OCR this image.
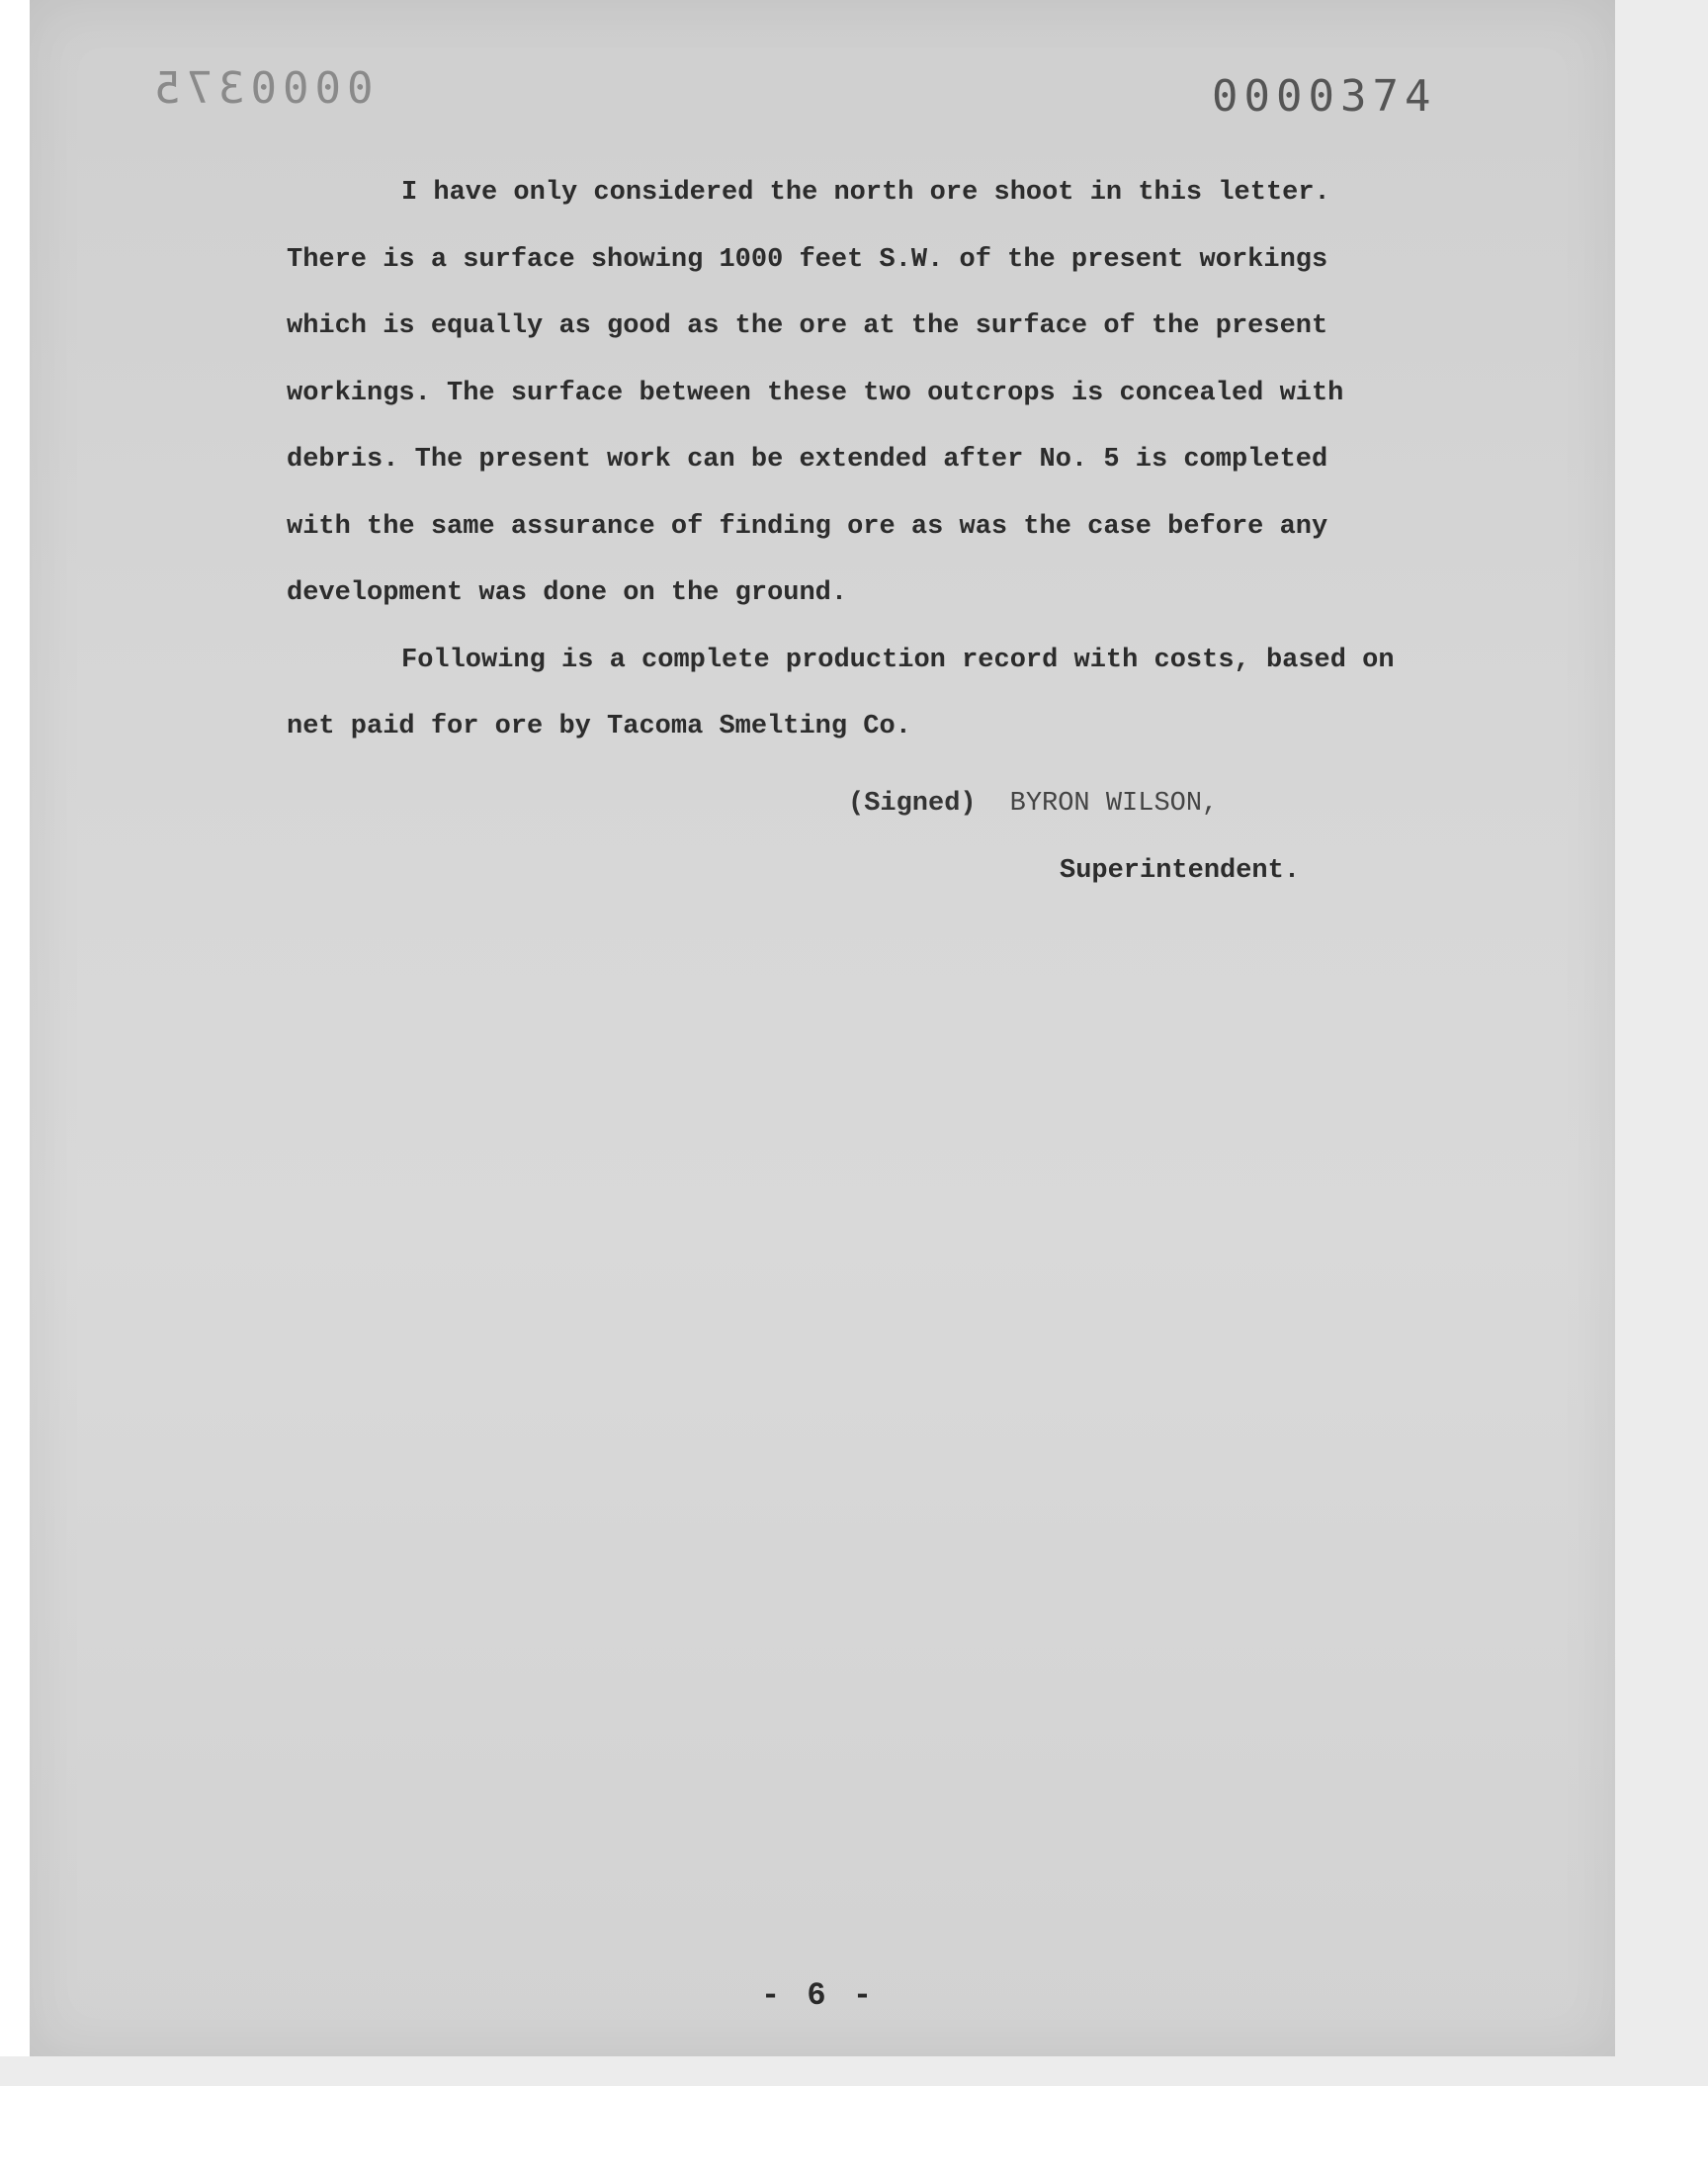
0000375	0000374

I have only considered the north ore shoot in this letter. There is a surface showing 1000 feet S.W. of the present workings which is equally as good as the ore at the surface of the present workings. The surface between these two outcrops is concealed with debris. The present work can be extended after No. 5 is completed with the same assurance of finding ore as was the case before any development was done on the ground.

Following is a complete production record with costs, based on net paid for ore by Tacoma Smelting Co.

(Signed) BYRON WILSON,
Superintendent.
- 6 -
